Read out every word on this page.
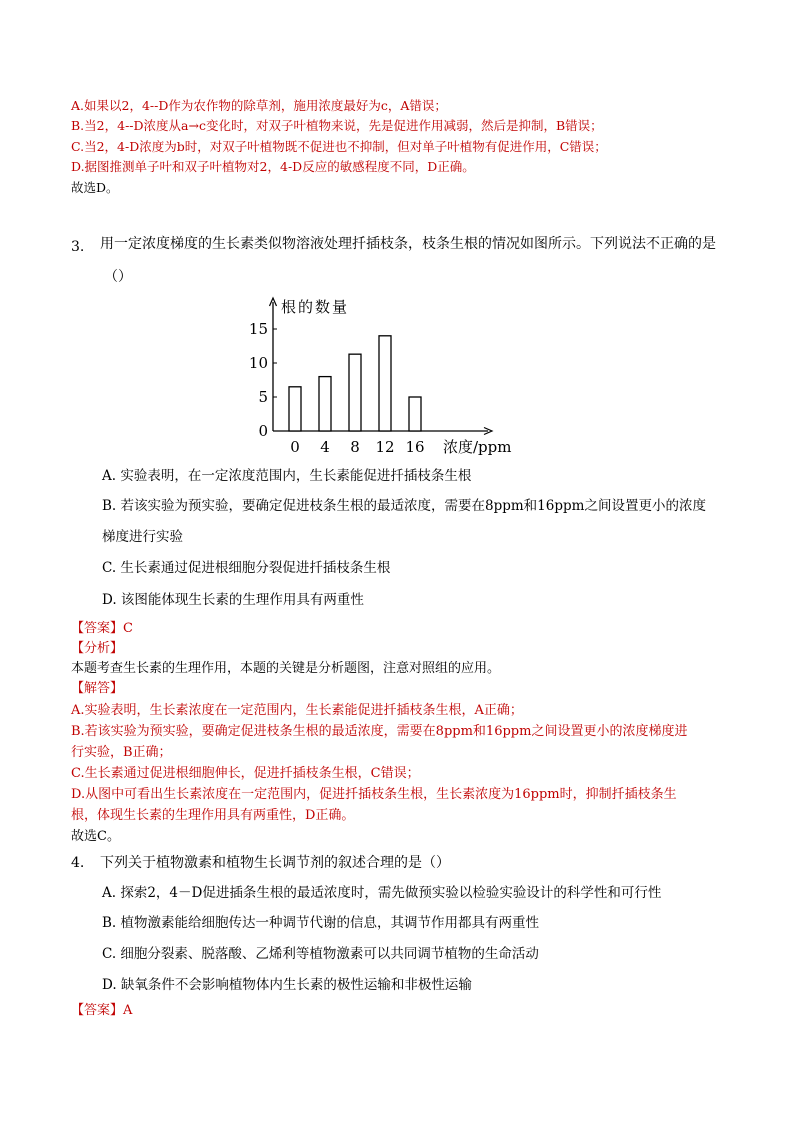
A.如果以2，4--D作为农作物的除草剂，施用浓度最好为c，A错误；
B.当2，4--D浓度从a→c变化时，对双子叶植物来说，先是促进作用减弱，然后是抑制，B错误；
C.当2，4-D浓度为b时，对双子叶植物既不促进也不抑制，但对单子叶植物有促进作用，C错误；
D.据图推测单子叶和双子叶植物对2，4-D反应的敏感程度不同，D正确。
故选D。
3. 用一定浓度梯度的生长素类似物溶液处理扦插枝条，枝条生根的情况如图所示。下列说法不正确的是
（）
0
5
10
15
根的数量
0 4 8 12 16 浓度/ppm
A. 实验表明，在一定浓度范围内，生长素能促进扦插枝条生根
B. 若该实验为预实验，要确定促进枝条生根的最适浓度，需要在8ppm和16ppm之间设置更小的浓度
梯度进行实验
C. 生长素通过促进根细胞分裂促进扦插枝条生根
D. 该图能体现生长素的生理作用具有两重性
【答案】C
【分析】
本题考查生长素的生理作用，本题的关键是分析题图，注意对照组的应用。
【解答】
A.实验表明，生长素浓度在一定范围内，生长素能促进扦插枝条生根，A正确；
B.若该实验为预实验，要确定促进枝条生根的最适浓度，需要在8ppm和16ppm之间设置更小的浓度梯度进
行实验，B正确；
C.生长素通过促进根细胞伸长，促进扦插枝条生根，C错误；
D.从图中可看出生长素浓度在一定范围内，促进扦插枝条生根，生长素浓度为16ppm时，抑制扦插枝条生
根，体现生长素的生理作用具有两重性，D正确。
故选C。
4. 下列关于植物激素和植物生长调节剂的叙述合理的是（）
A. 探索2，4－D促进插条生根的最适浓度时，需先做预实验以检验实验设计的科学性和可行性
B. 植物激素能给细胞传达一种调节代谢的信息，其调节作用都具有两重性
C. 细胞分裂素、脱落酸、乙烯利等植物激素可以共同调节植物的生命活动
D. 缺氧条件不会影响植物体内生长素的极性运输和非极性运输
【答案】A
